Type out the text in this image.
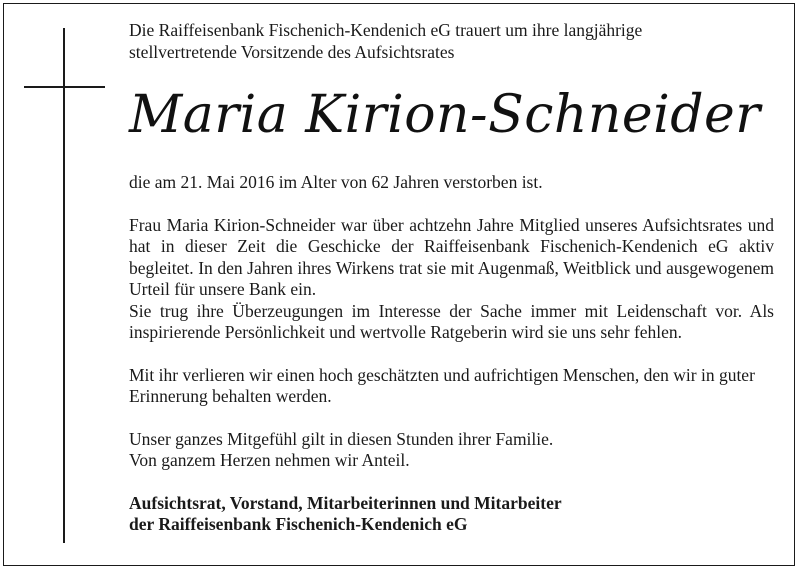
Die Raiffeisenbank Fischenich-Kendenich eG trauert um ihre langjährige
stellvertretende Vorsitzende des Aufsichtsrates

Maria Kirion-Schneider

die am 21. Mai 2016 im Alter von 62 Jahren verstorben ist.

Frau Maria Kirion-Schneider war über achtzehn Jahre Mitglied unseres Aufsichtsrates und hat in dieser Zeit die Geschicke der Raiffeisenbank Fischenich-Kendenich eG aktiv begleitet. In den Jahren ihres Wirkens trat sie mit Augenmaß, Weitblick und ausgewogenem Urteil für unsere Bank ein.

Sie trug ihre Überzeugungen im Interesse der Sache immer mit Leidenschaft vor. Als inspirierende Persönlichkeit und wertvolle Ratgeberin wird sie uns sehr fehlen.

Mit ihr verlieren wir einen hoch geschätzten und aufrichtigen Menschen, den wir in guter Erinnerung behalten werden.

Unser ganzes Mitgefühl gilt in diesen Stunden ihrer Familie.
Von ganzem Herzen nehmen wir Anteil.

Aufsichtsrat, Vorstand, Mitarbeiterinnen und Mitarbeiter
der Raiffeisenbank Fischenich-Kendenich eG
